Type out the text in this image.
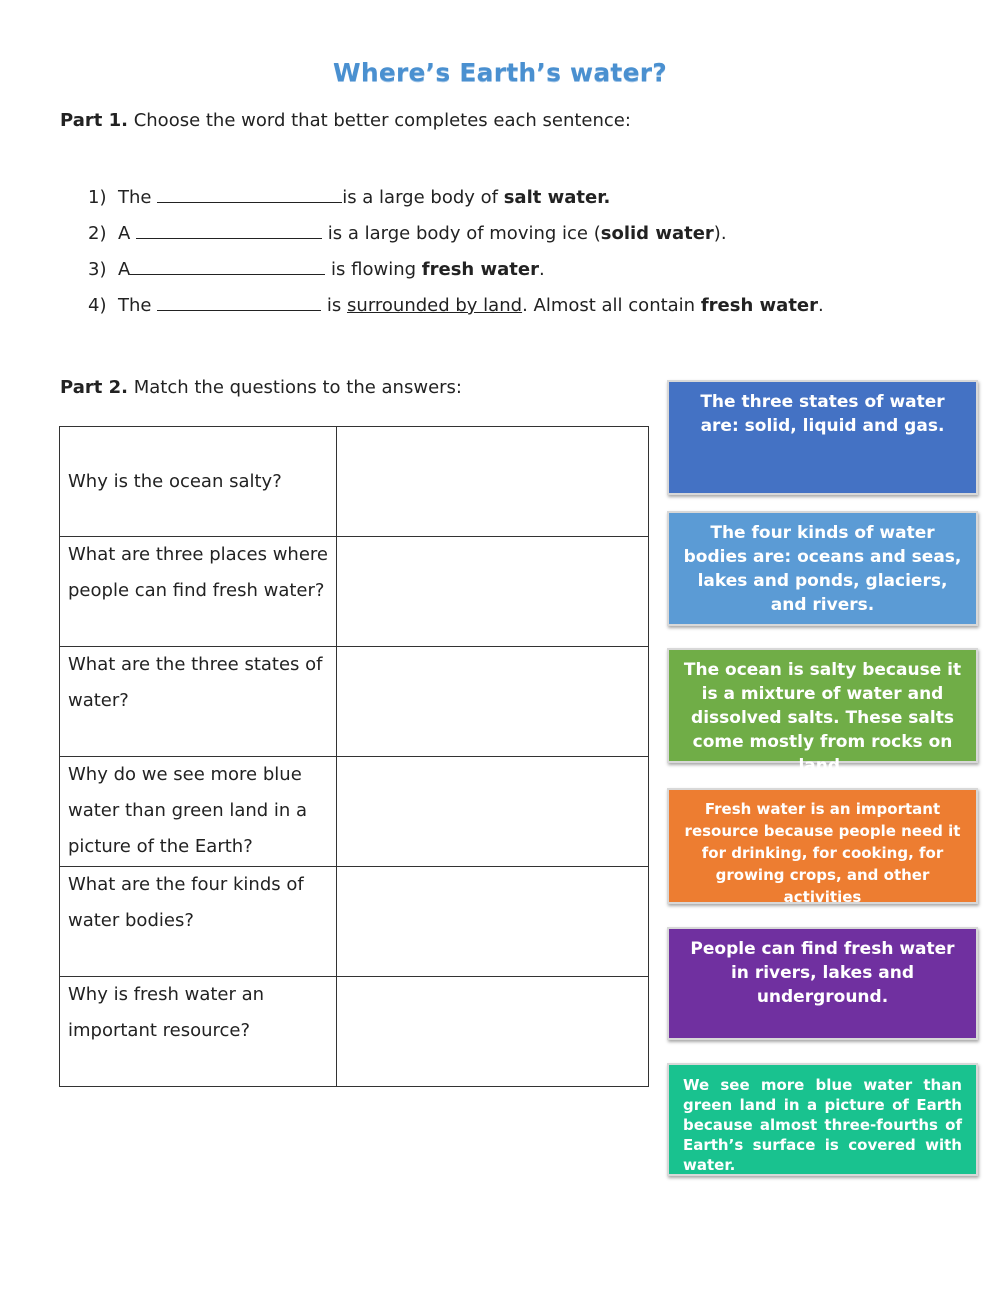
Where’s Earth’s water?
Part 1. Choose the word that better completes each sentence:
1) The	is a large body of salt water.
2) A	is a large body of moving ice (solid water).
3) A	is flowing fresh water.
4) The	is surrounded by land. Almost all contain fresh water.
Part 2. Match the questions to the answers:
Why is the ocean salty?	
What are three places where people can find fresh water?	
What are the three states of water?	
Why do we see more blue water than green land in a picture of the Earth?	
What are the four kinds of water bodies?	
Why is fresh water an important resource?	
The three states of water are: solid, liquid and gas.
The four kinds of water bodies are: oceans and seas, lakes and ponds, glaciers, and rivers.
The ocean is salty because it is a mixture of water and dissolved salts. These salts come mostly from rocks on land.
Fresh water is an important resource because people need it for drinking, for cooking, for growing crops, and other activities
People can find fresh water in rivers, lakes and underground.
We see more blue water than green land in a picture of Earth because almost three-fourths of Earth’s surface is covered with water.
